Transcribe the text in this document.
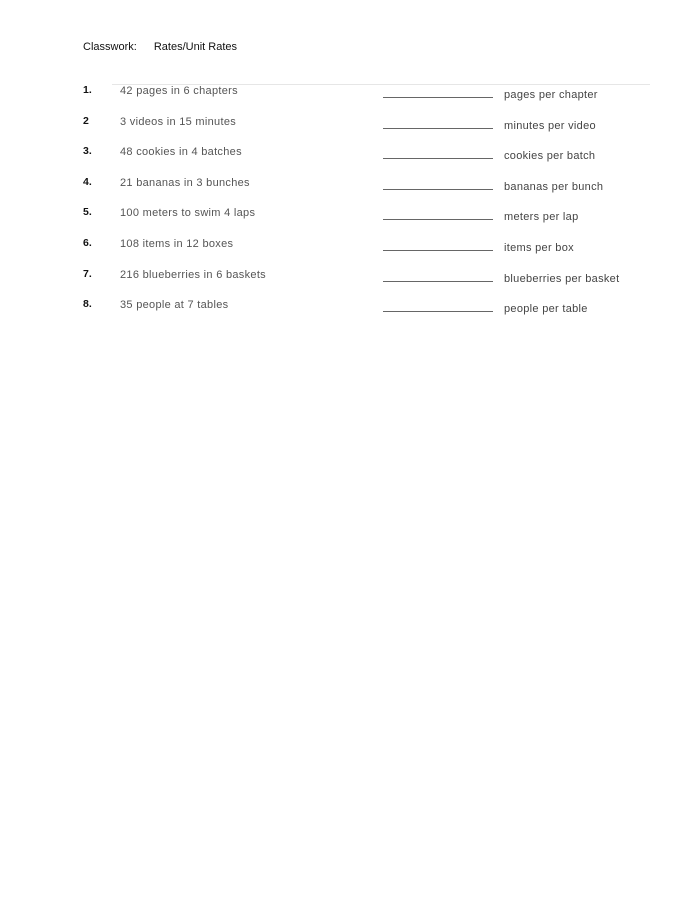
Classwork: Rates/Unit Rates
1.	42 pages in 6 chapters	pages per chapter
2	3 videos in 15 minutes	minutes per video
3.	48 cookies in 4 batches	cookies per batch
4.	21 bananas in 3 bunches	bananas per bunch
5.	100 meters to swim 4 laps	meters per lap
6.	108 items in 12 boxes	items per box
7.	216 blueberries in 6 baskets	blueberries per basket
8.	35 people at 7 tables	people per table
